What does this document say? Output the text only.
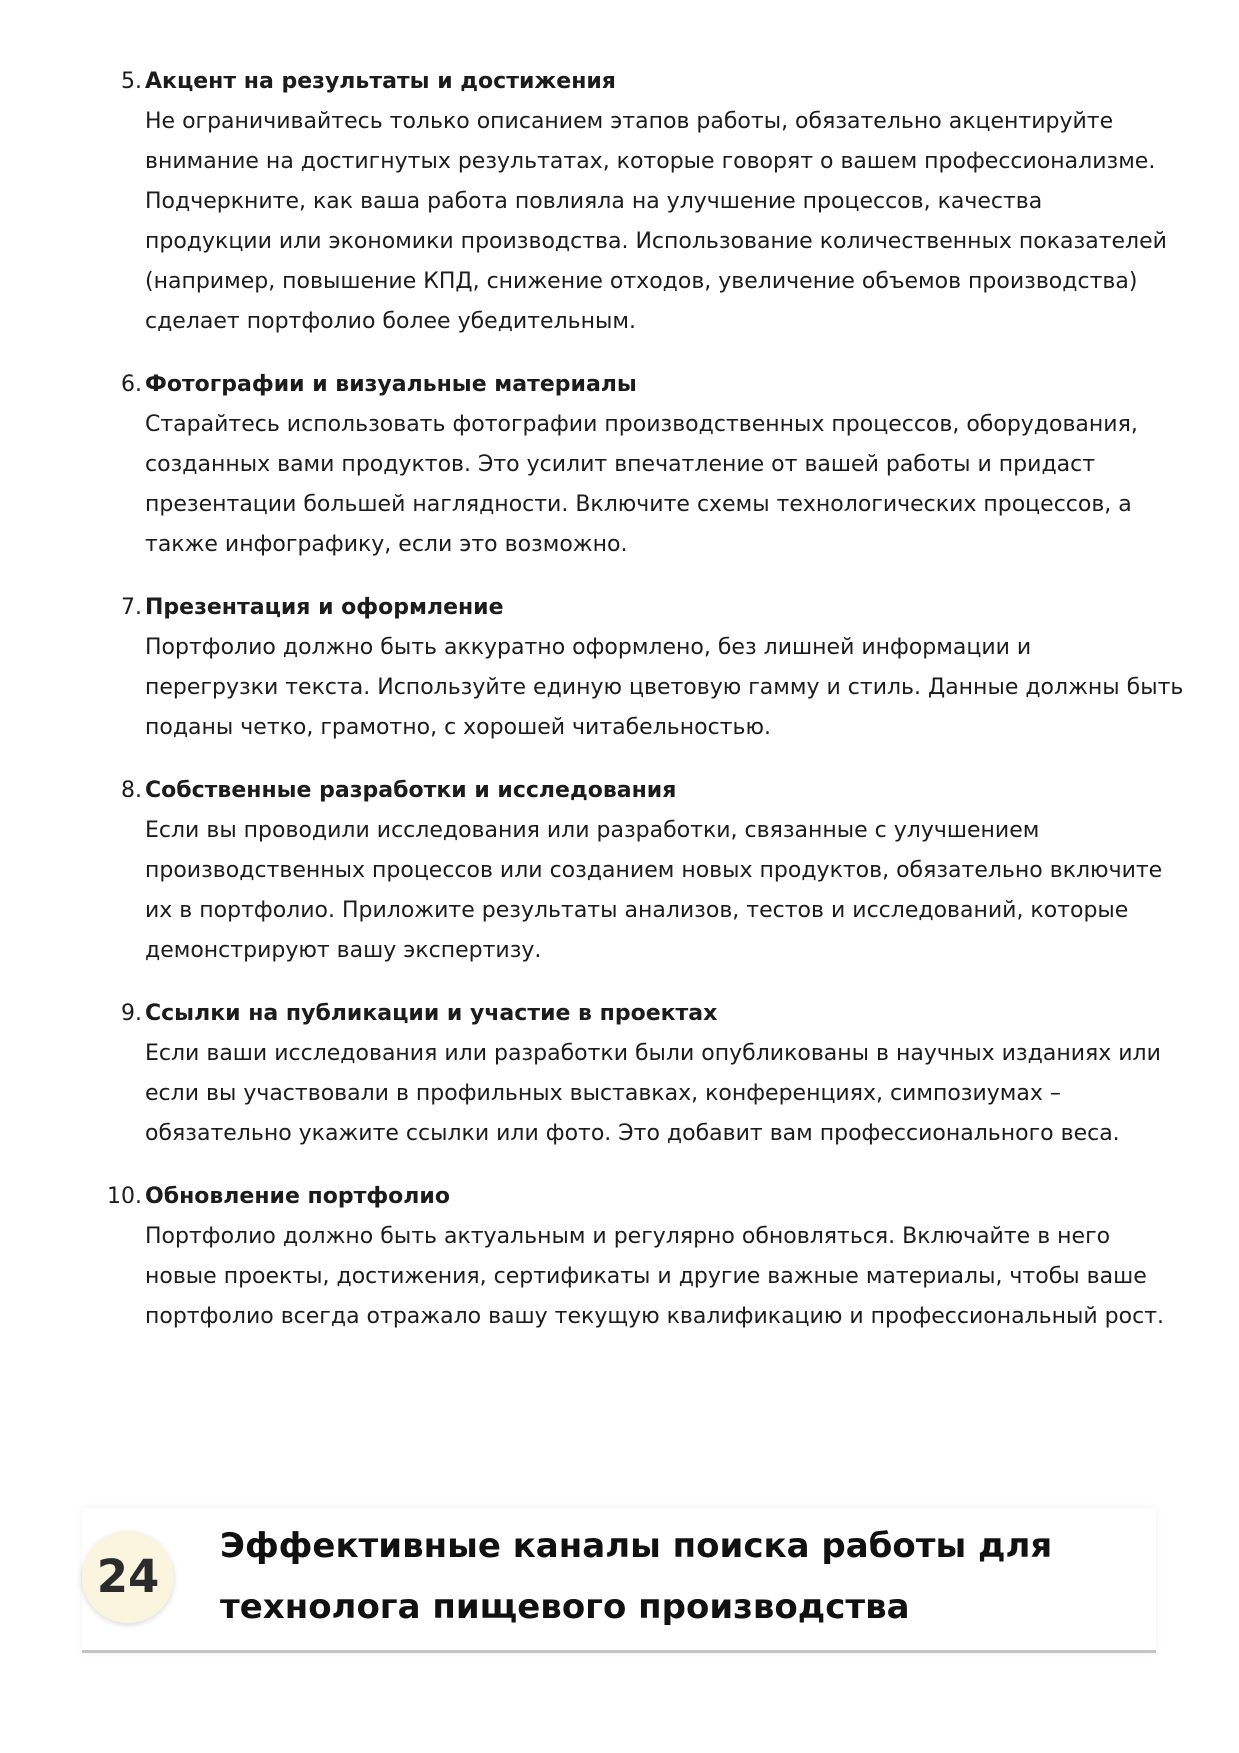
5. Акцент на результаты и достижения
Не ограничивайтесь только описанием этапов работы, обязательно акцентируйте
внимание на достигнутых результатах, которые говорят о вашем профессионализме.
Подчеркните, как ваша работа повлияла на улучшение процессов, качества
продукции или экономики производства. Использование количественных показателей
(например, повышение КПД, снижение отходов, увеличение объемов производства)
сделает портфолио более убедительным.
6. Фотографии и визуальные материалы
Старайтесь использовать фотографии производственных процессов, оборудования,
созданных вами продуктов. Это усилит впечатление от вашей работы и придаст
презентации большей наглядности. Включите схемы технологических процессов, а
также инфографику, если это возможно.
7. Презентация и оформление
Портфолио должно быть аккуратно оформлено, без лишней информации и
перегрузки текста. Используйте единую цветовую гамму и стиль. Данные должны быть
поданы четко, грамотно, с хорошей читабельностью.
8. Собственные разработки и исследования
Если вы проводили исследования или разработки, связанные с улучшением
производственных процессов или созданием новых продуктов, обязательно включите
их в портфолио. Приложите результаты анализов, тестов и исследований, которые
демонстрируют вашу экспертизу.
9. Ссылки на публикации и участие в проектах
Если ваши исследования или разработки были опубликованы в научных изданиях или
если вы участвовали в профильных выставках, конференциях, симпозиумах –
обязательно укажите ссылки или фото. Это добавит вам профессионального веса.
10. Обновление портфолио
Портфолио должно быть актуальным и регулярно обновляться. Включайте в него
новые проекты, достижения, сертификаты и другие важные материалы, чтобы ваше
портфолио всегда отражало вашу текущую квалификацию и профессиональный рост.
24
Эффективные каналы поиска работы для
технолога пищевого производства
